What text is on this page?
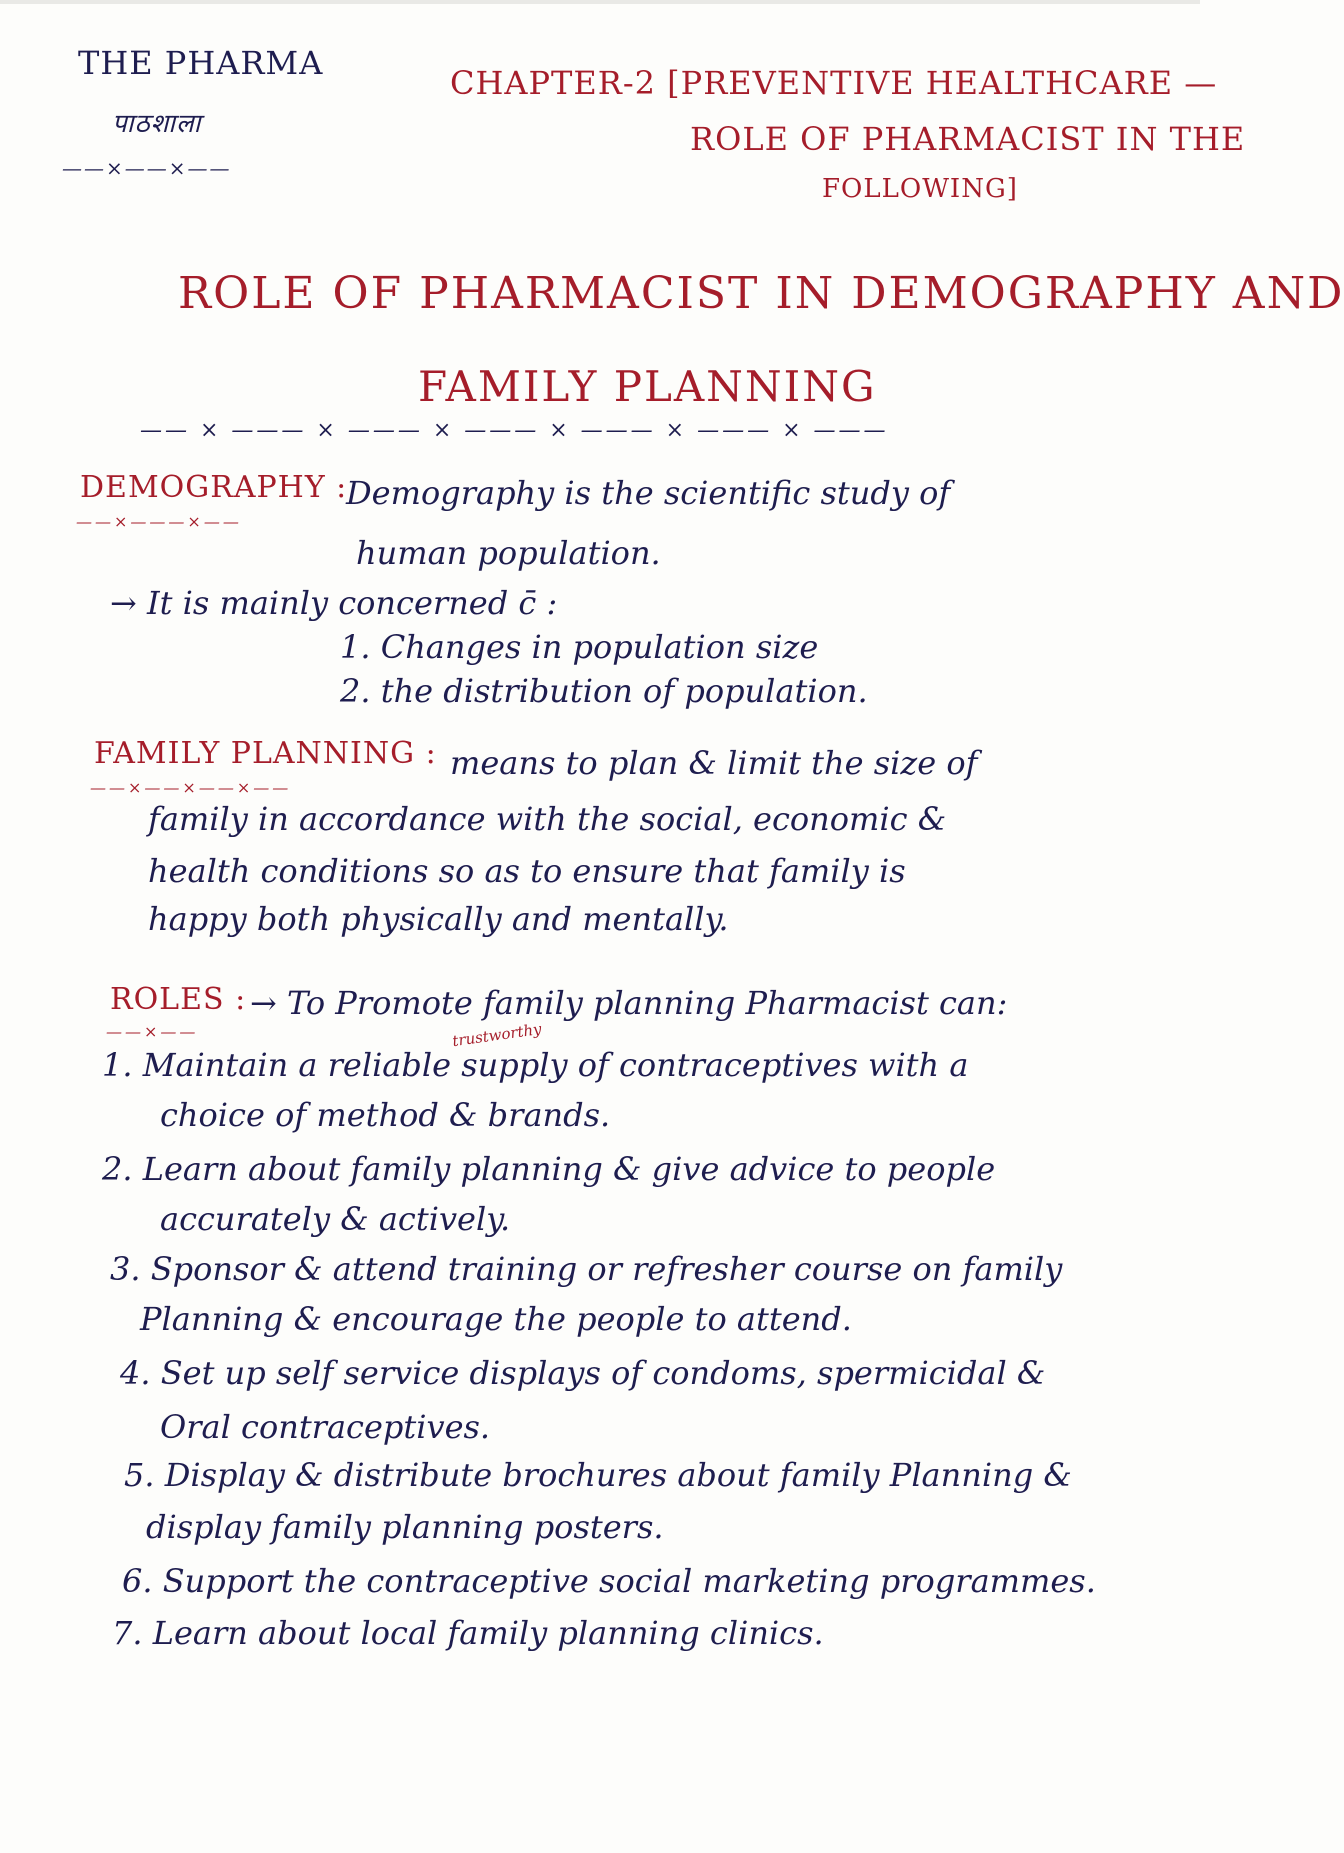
THE PHARMA
पाठशाला
——×——×——
CHAPTER-2 [PREVENTIVE HEALTHCARE —
ROLE OF PHARMACIST IN THE
FOLLOWING]
ROLE OF PHARMACIST IN DEMOGRAPHY AND
FAMILY PLANNING
—— × ——— × ——— × ——— × ——— × ——— × ———
DEMOGRAPHY :
——×———×——
Demography is the scientific study of
human population.
→ It is mainly concerned c̄ :
1. Changes in population size
2. the distribution of population.
FAMILY PLANNING :
——×——×——×——
means to plan & limit the size of
family in accordance with the social, economic &
health conditions so as to ensure that family is
happy both physically and mentally.
ROLES :
——×——
→ To Promote family planning Pharmacist can:
trustworthy
1. Maintain a reliable supply of contraceptives with a
choice of method & brands.
2. Learn about family planning & give advice to people
accurately & actively.
3. Sponsor & attend training or refresher course on family
Planning & encourage the people to attend.
4. Set up self service displays of condoms, spermicidal &
Oral contraceptives.
5. Display & distribute brochures about family Planning &
display family planning posters.
6. Support the contraceptive social marketing programmes.
7. Learn about local family planning clinics.
